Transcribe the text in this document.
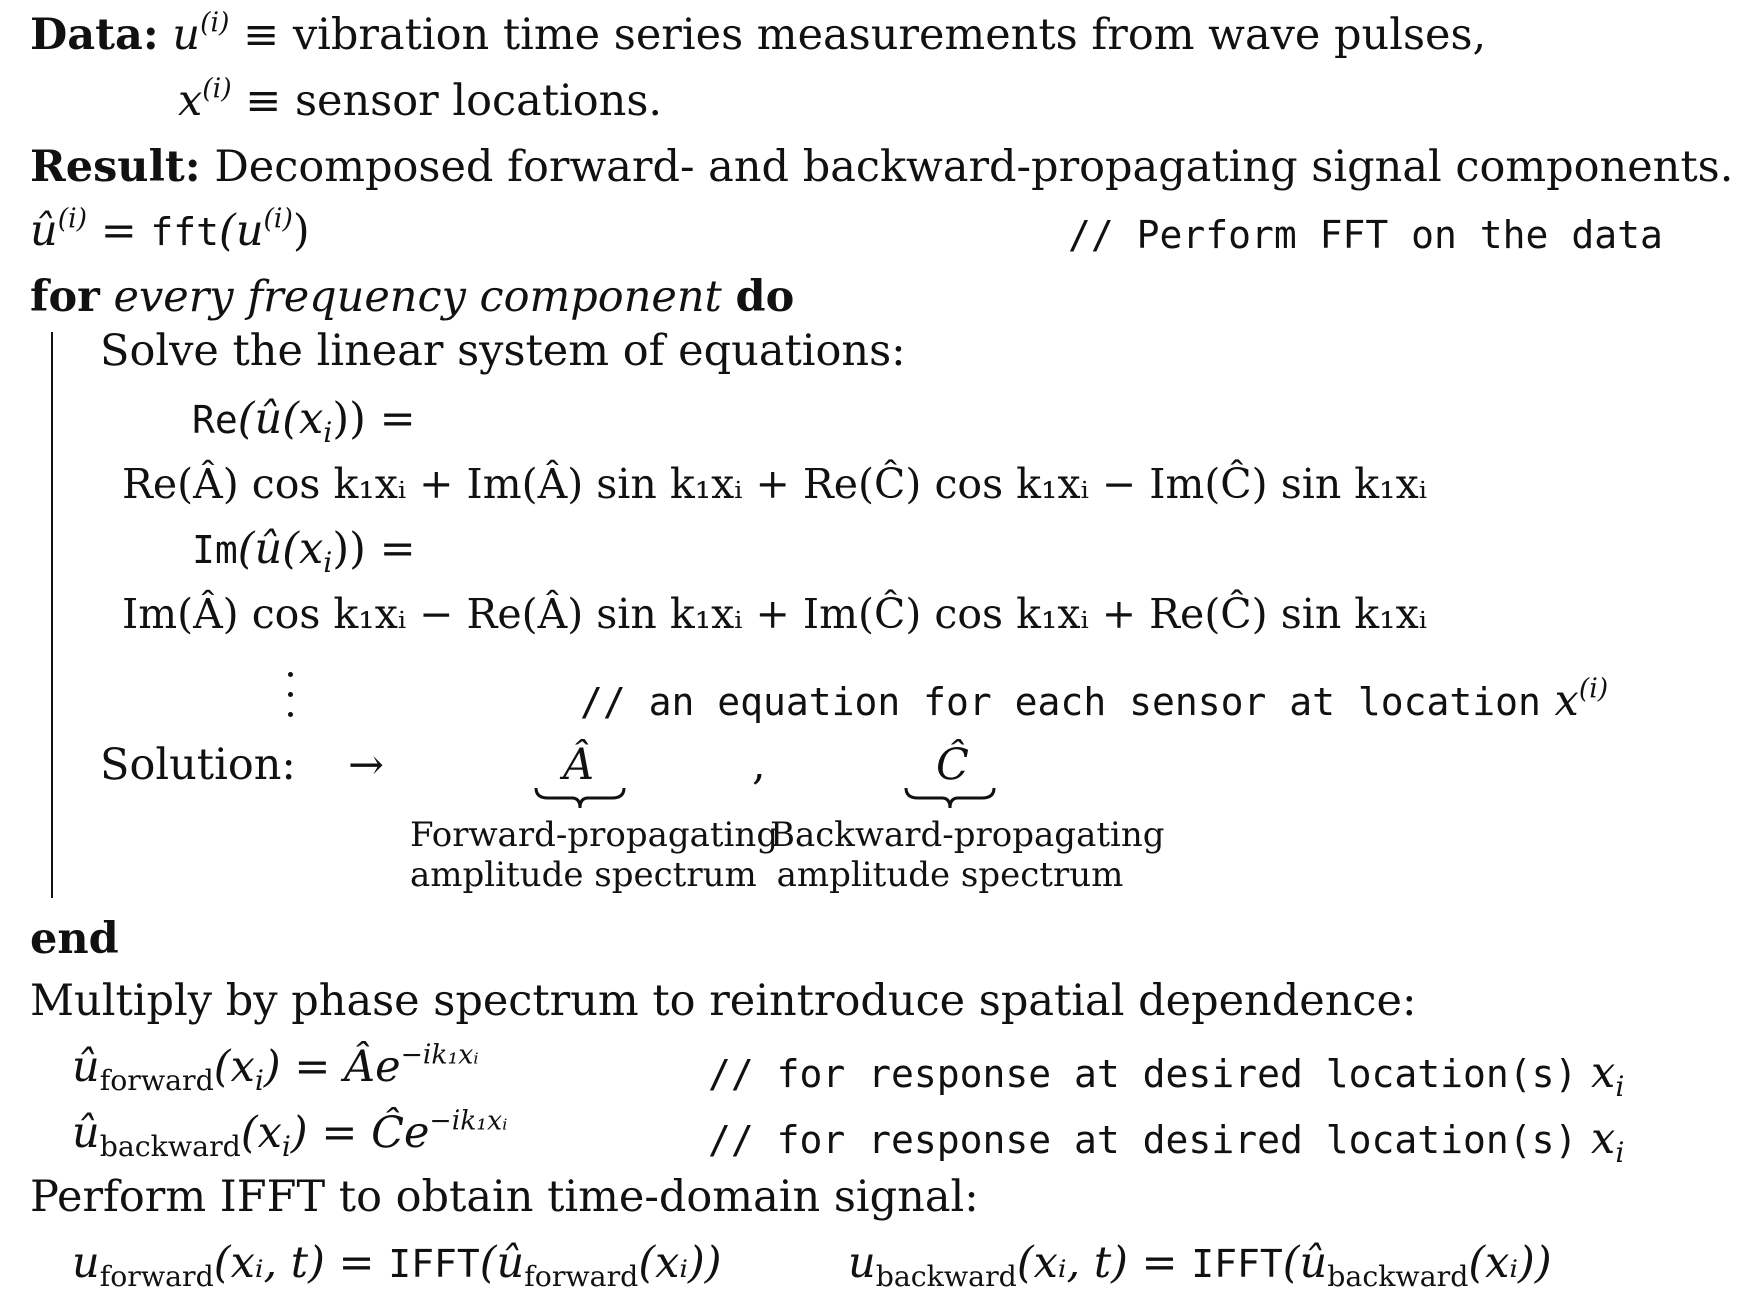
Data: $u^{(i)}$ ≡ vibration time series measurements from wave pulses,
$x^{(i)}$ ≡ sensor locations.
Result: Decomposed forward- and backward-propagating signal components.
$û^{(i)} = fft(u^{(i)})$	// Perform FFT on the data
for every frequency component do
Solve the linear system of equations:
$Re(û(x_i))$ =
Re(Â) cos k₁xᵢ + Im(Â) sin k₁xᵢ + Re(Ĉ) cos k₁xᵢ − Im(Ĉ) sin k₁xᵢ
$Im(û(x_i))$ =
Im(Â) cos k₁xᵢ − Re(Â) sin k₁xᵢ + Im(Ĉ) cos k₁xᵢ + Re(Ĉ) sin k₁xᵢ
// an equation for each sensor at location $x^{(i)}$
Solution: →	Â	,	Ĉ
Forward-propagating
amplitude spectrum
Backward-propagating
amplitude spectrum
end
Multiply by phase spectrum to reintroduce spatial dependence:
$û_{forward}(x_i)$ = $Âe^{-ik_1xᵢ}$	// for response at desired location(s) $x_i$
$û_{backward}(x_i)$ = $Ĉe^{-ik_1xᵢ}$	// for response at desired location(s) $x_i$
Perform IFFT to obtain time-domain signal:
$u_{forward}(xᵢ$, $t) = IFFT(û_{forward}(xᵢ))$	$u_{backward}(xᵢ$, $t) = IFFT(û_{backward}(xᵢ))$
